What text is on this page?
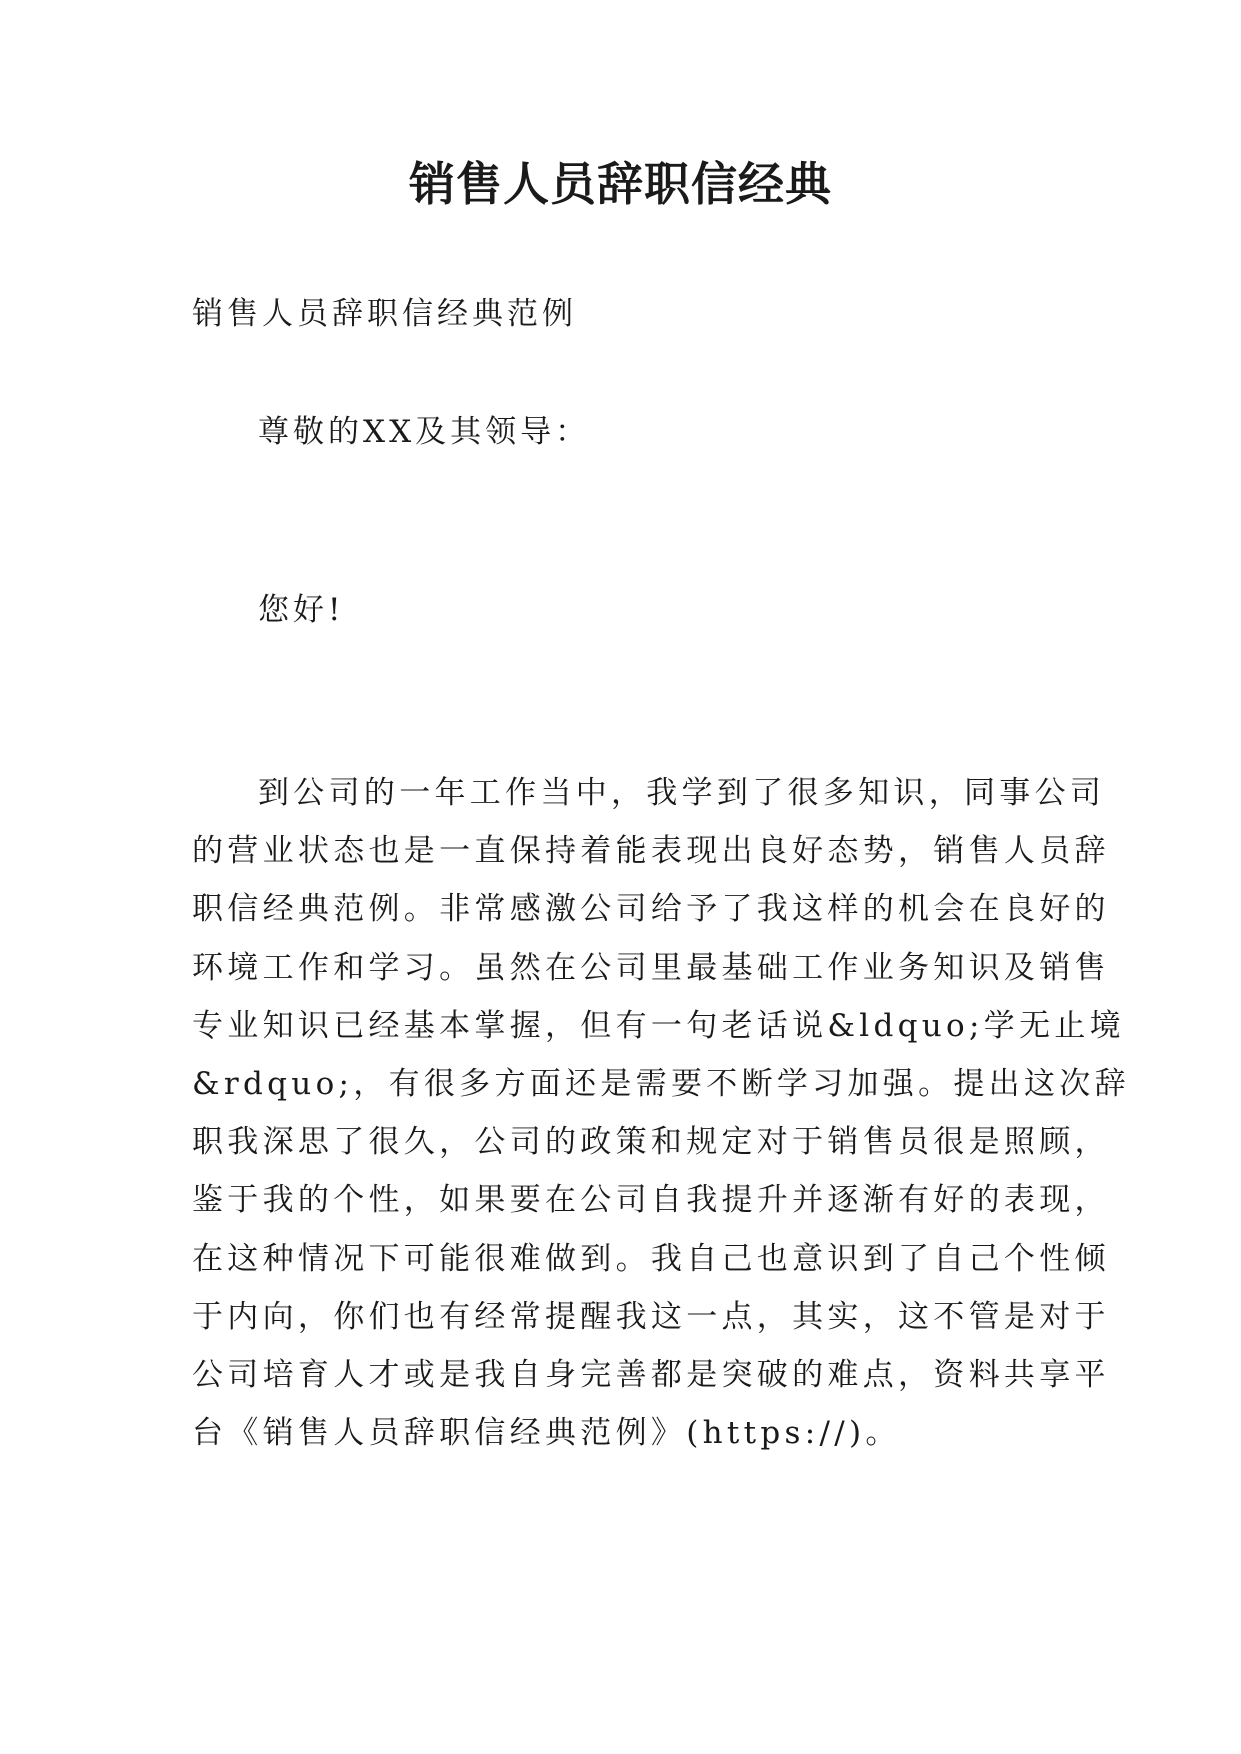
销售人员辞职信经典

销售人员辞职信经典范例

尊敬的XX及其领导：

您好!

到公司的一年工作当中，我学到了很多知识，同事公司
的营业状态也是一直保持着能表现出良好态势，销售人员辞
职信经典范例。非常感激公司给予了我这样的机会在良好的
环境工作和学习。虽然在公司里最基础工作业务知识及销售
专业知识已经基本掌握，但有一句老话说&ldquo;学无止境
&rdquo;，有很多方面还是需要不断学习加强。提出这次辞
职我深思了很久，公司的政策和规定对于销售员很是照顾，
鉴于我的个性，如果要在公司自我提升并逐渐有好的表现，
在这种情况下可能很难做到。我自己也意识到了自己个性倾
于内向，你们也有经常提醒我这一点，其实，这不管是对于
公司培育人才或是我自身完善都是突破的难点，资料共享平
台《销售人员辞职信经典范例》(https://)。
